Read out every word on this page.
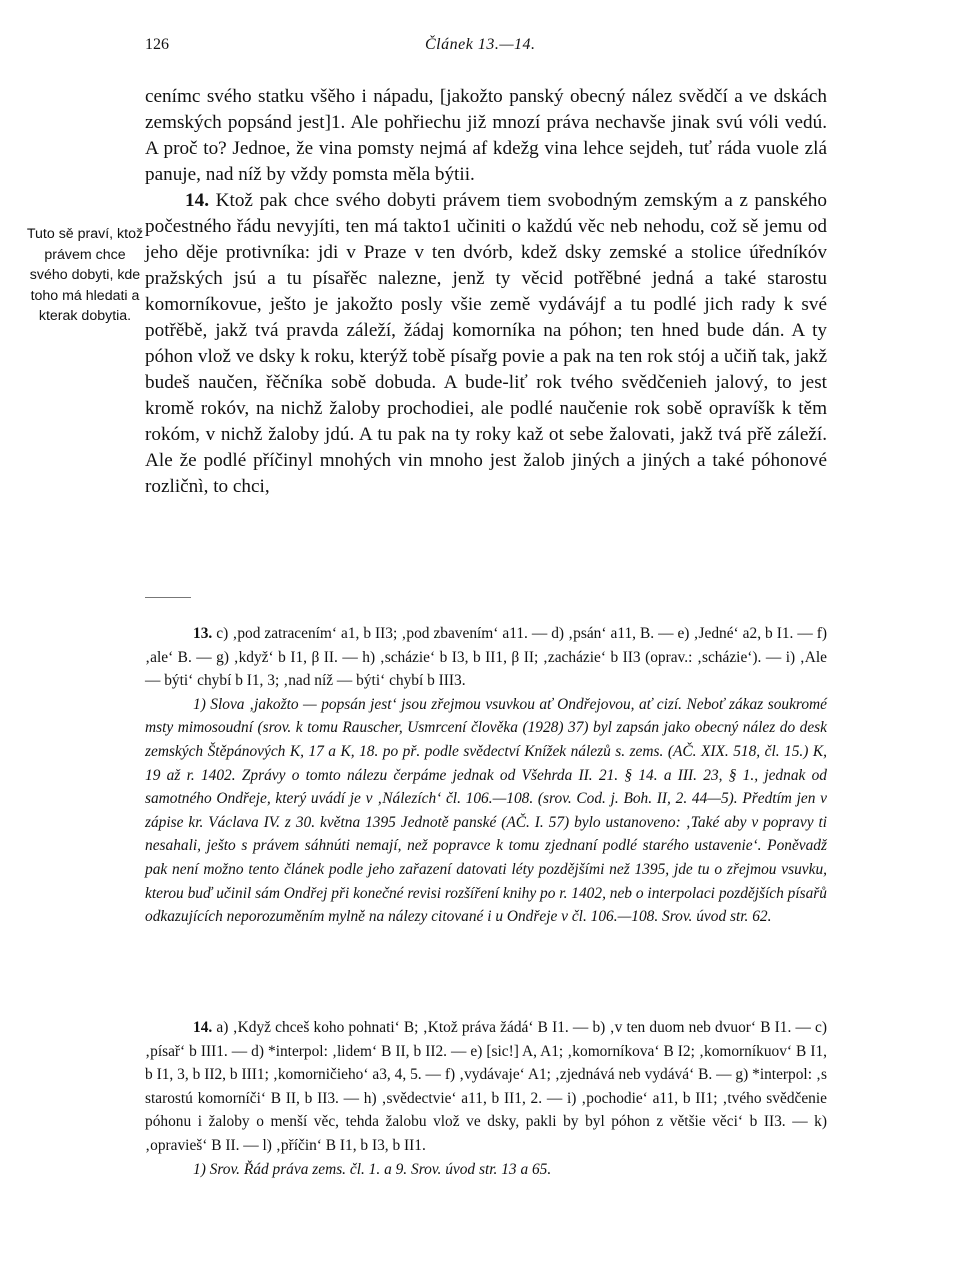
126	Článek 13.—14.
Tuto sě praví, ktož právem chce svého dobyti, kde toho má hledati a kterak dobytia.

cenímc svého statku všěho i nápadu, [jakožto panský obecný nález svědčí a ve dskách zemských popsánd jest]1. Ale pohřiechu již mnozí práva nechavše jinak svú vóli vedú. A proč to? Jednoe, že vina pomsty nejmá af kdežg vina lehce sejdeh, tuť ráda vuole zlá panuje, nad níž by vždy pomsta měla býtii.

14. Ktož pak chce svého dobyti právem tiem svobodným zemským a z panského počestného řádu nevyjíti, ten má takto1 učiniti o každú věc neb nehodu, což sě jemu od jeho děje protivníka: jdi v Praze v ten dvórb, kdež dsky zemské a stolice úředníkóv pražských jsú a tu písařěc nalezne, jenž ty věcid potřěbné jedná a také starostu komorníkovue, ješto je jakožto posly všie země vydávájf a tu podlé jich rady k své potřěbě, jakž tvá pravda záleží, žádaj komorníka na póhon; ten hned bude dán. A ty póhon vlož ve dsky k roku, kterýž tobě písařg povie a pak na ten rok stój a učiň tak, jakž budeš naučen, řěčníka sobě dobuda. A bude-liť rok tvého svědčenieh jalový, to jest kromě rokóv, na nichž žaloby prochodiei, ale podlé naučenie rok sobě opravíšk k těm rokóm, v nichž žaloby jdú. A tu pak na ty roky kaž ot sebe žalovati, jakž tvá přě záleží. Ale že podlé příčinyl mnohých vin mnoho jest žalob jiných a jiných a také póhonové rozličnì, to chci,

13. c) ‚pod zatracením‘ a1, b II3; ‚pod zbavením‘ a11. — d) ‚psán‘ a11, B. — e) ‚Jedné‘ a2, b I1. — f) ‚ale‘ B. — g) ‚když‘ b I1, β II. — h) ‚scházie‘ b I3, b II1, β II; ‚zacházie‘ b II3 (oprav.: ‚scházie‘). — i) ‚Ale — býti‘ chybí b I1, 3; ‚nad níž — býti‘ chybí b III3.

1) Slova ‚jakožto — popsán jest‘ jsou zřejmou vsuvkou ať Ondřejovou, ať cizí. Neboť zákaz soukromé msty mimosoudní (srov. k tomu Rauscher, Usmrcení člověka (1928) 37) byl zapsán jako obecný nález do desk zemských Štěpánových K, 17 a K, 18. po př. podle svědectví Knížek nálezů s. zems. (AČ. XIX. 518, čl. 15.) K, 19 až r. 1402. Zprávy o tomto nálezu čerpáme jednak od Všehrda II. 21. § 14. a III. 23, § 1., jednak od samotného Ondřeje, který uvádí je v ‚Nálezích‘ čl. 106.—108. (srov. Cod. j. Boh. II, 2. 44—5). Předtím jen v zápise kr. Václava IV. z 30. května 1395 Jednotě panské (AČ. I. 57) bylo ustanoveno: ‚Také aby v popravy ti nesahali, ješto s právem sáhnúti nemají, než popravce k tomu zjednaní podlé starého ustavenie‘. Poněvadž pak není možno tento článek podle jeho zařazení datovati léty pozdějšími než 1395, jde tu o zřejmou vsuvku, kterou buď učinil sám Ondřej při konečné revisi rozšíření knihy po r. 1402, neb o interpolaci pozdějších písařů odkazujících neporozuměním mylně na nálezy citované i u Ondřeje v čl. 106.—108. Srov. úvod str. 62.

14. a) ‚Když chceš koho pohnati‘ B; ‚Ktož práva žádá‘ B I1. — b) ‚v ten duom neb dvuor‘ B I1. — c) ‚písař‘ b III1. — d) *interpol: ‚lidem‘ B II, b II2. — e) [sic!] A, A1; ‚komorníkova‘ B I2; ‚komorníkuov‘ B I1, b I1, 3, b II2, b III1; ‚komorničieho‘ a3, 4, 5. — f) ‚vydávaje‘ A1; ‚zjednává neb vydává‘ B. — g) *interpol: ‚s starostú komorníči‘ B II, b II3. — h) ‚svědectvie‘ a11, b II1, 2. — i) ‚pochodie‘ a11, b II1; ‚tvého svědčenie póhonu i žaloby o menší věc, tehda žalobu vlož ve dsky, pakli by byl póhon z většie věci‘ b II3. — k) ‚opravieš‘ B II. — l) ‚příčin‘ B I1, b I3, b II1.

1) Srov. Řád práva zems. čl. 1. a 9. Srov. úvod str. 13 a 65.
